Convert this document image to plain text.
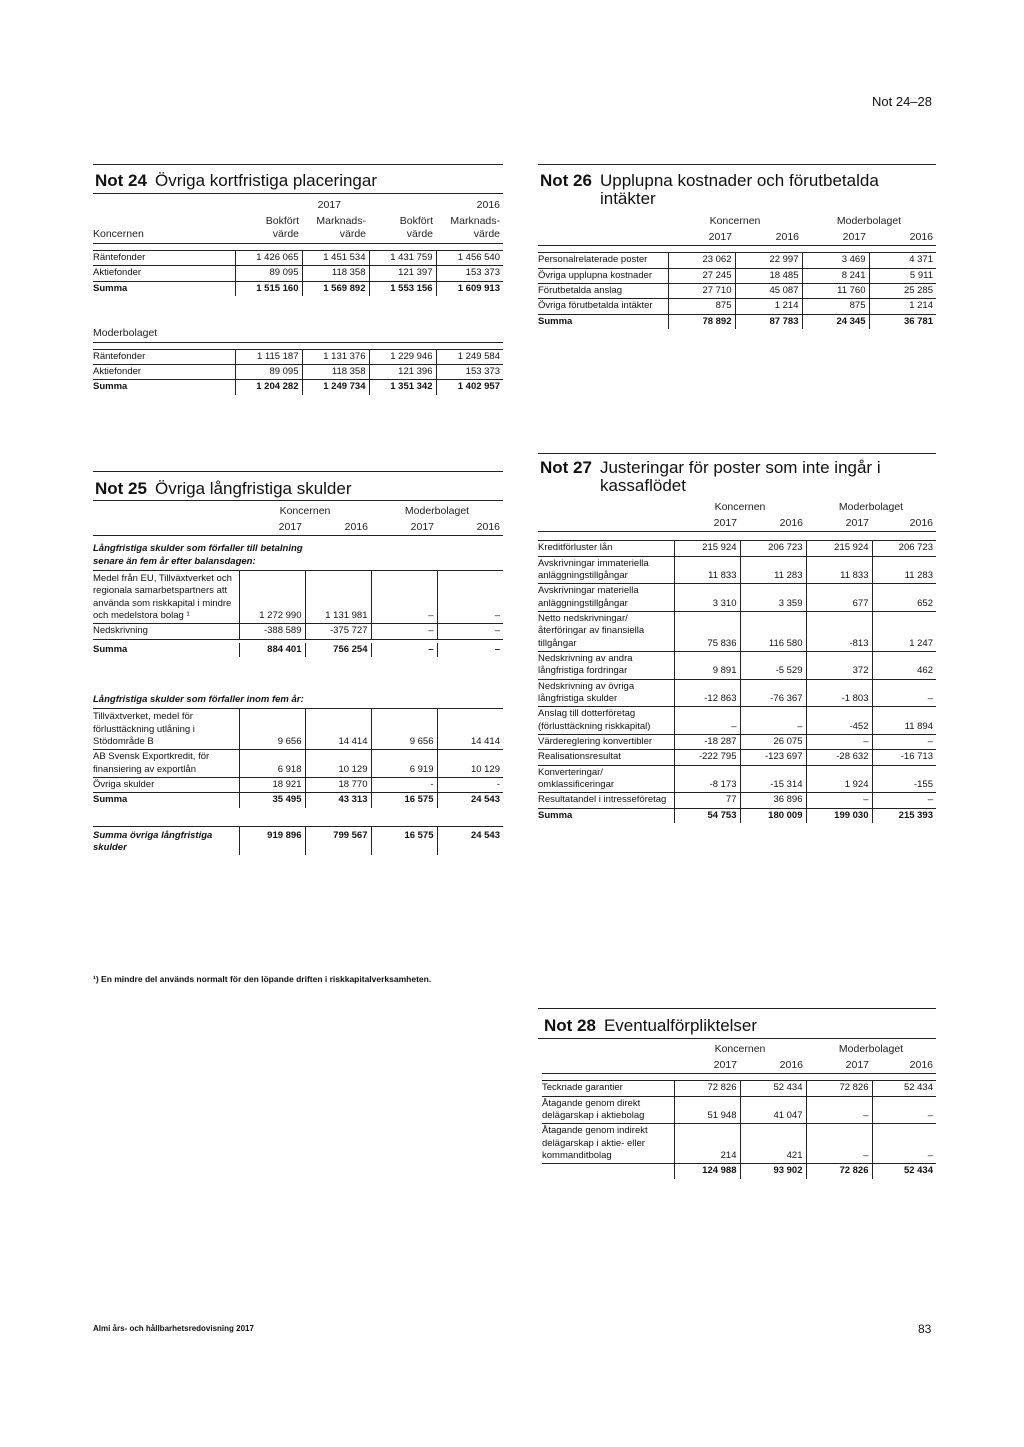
Not 24–28
Not 24 Övriga kortfristiga placeringar
	2017		2016	
Koncernen	Bokfört värde	Marknads- värde	Bokfört värde	Marknads- värde

Räntefonder	1 426 065	1 451 534	1 431 759	1 456 540
Aktiefonder	89 095	118 358	121 397	153 373
Summa	1 515 160	1 569 892	1 553 156	1 609 913

Moderbolaget				

Räntefonder	1 115 187	1 131 376	1 229 946	1 249 584
Aktiefonder	89 095	118 358	121 396	153 373
Summa	1 204 282	1 249 734	1 351 342	1 402 957
Not 26 Upplupna kostnader och förutbetalda intäkter
	Koncernen		Moderbolaget	
	2017	2016	2017	2016

Personalrelaterade poster	23 062	22 997	3 469	4 371
Övriga upplupna kostnader	27 245	18 485	8 241	5 911
Förutbetalda anslag	27 710	45 087	11 760	25 285
Övriga förutbetalda intäkter	875	1 214	875	1 214
Summa	78 892	87 783	24 345	36 781
Not 25 Övriga långfristiga skulder
	Koncernen		Moderbolaget	
	2017	2016	2017	2016

Långfristiga skulder som förfaller till betalning senare än fem år efter balansdagen:				

Medel från EU, Tillväxtverket och regionala samarbetspartners att använda som riskkapital i mindre och medelstora bolag ¹	1 272 990	1 131 981	–	–
Nedskrivning	-388 589	-375 727	–	–

Summa	884 401	756 254	–	–

Långfristiga skulder som förfaller inom fem år:				
Tillväxtverket, medel för förlusttäckning utlåning i Stödområde B	9 656	14 414	9 656	14 414
AB Svensk Exportkredit, för finansiering av exportlån	6 918	10 129	6 919	10 129
Övriga skulder	18 921	18 770	-	-
Summa	35 495	43 313	16 575	24 543

Summa övriga långfristiga skulder	919 896	799 567	16 575	24 543
¹) En mindre del används normalt för den löpande driften i riskkapitalverksamheten.
Not 27 Justeringar för poster som inte ingår i kassaflödet
	Koncernen		Moderbolaget	
	2017	2016	2017	2016

Kreditförluster lån	215 924	206 723	215 924	206 723
Avskrivningar immateriella anläggningstillgångar	11 833	11 283	11 833	11 283
Avskrivningar materiella anläggningstillgångar	3 310	3 359	677	652
Netto nedskrivningar/ återföringar av finansiella tillgångar	75 836	116 580	-813	1 247
Nedskrivning av andra långfristiga fordringar	9 891	-5 529	372	462
Nedskrivning av övriga långfristiga skulder	-12 863	-76 367	-1 803	–
Anslag till dotterföretag (förlusttäckning riskkapital)	–	–	-452	11 894
Värdereglering konvertibler	-18 287	26 075	–	–
Realisationsresultat	-222 795	-123 697	-28 632	-16 713
Konverteringar/ omklassificeringar	-8 173	-15 314	1 924	-155
Resultatandel i intresseföretag	77	36 896	–	–
Summa	54 753	180 009	199 030	215 393
Not 28 Eventualförpliktelser
	Koncernen		Moderbolaget	
	2017	2016	2017	2016

Tecknade garantier	72 826	52 434	72 826	52 434
Åtagande genom direkt delägarskap i aktiebolag	51 948	41 047	–	–
Åtagande genom indirekt delägarskap i aktie- eller kommanditbolag	214	421	–	–
	124 988	93 902	72 826	52 434
Almi års- och hållbarhetsredovisning 2017	83
